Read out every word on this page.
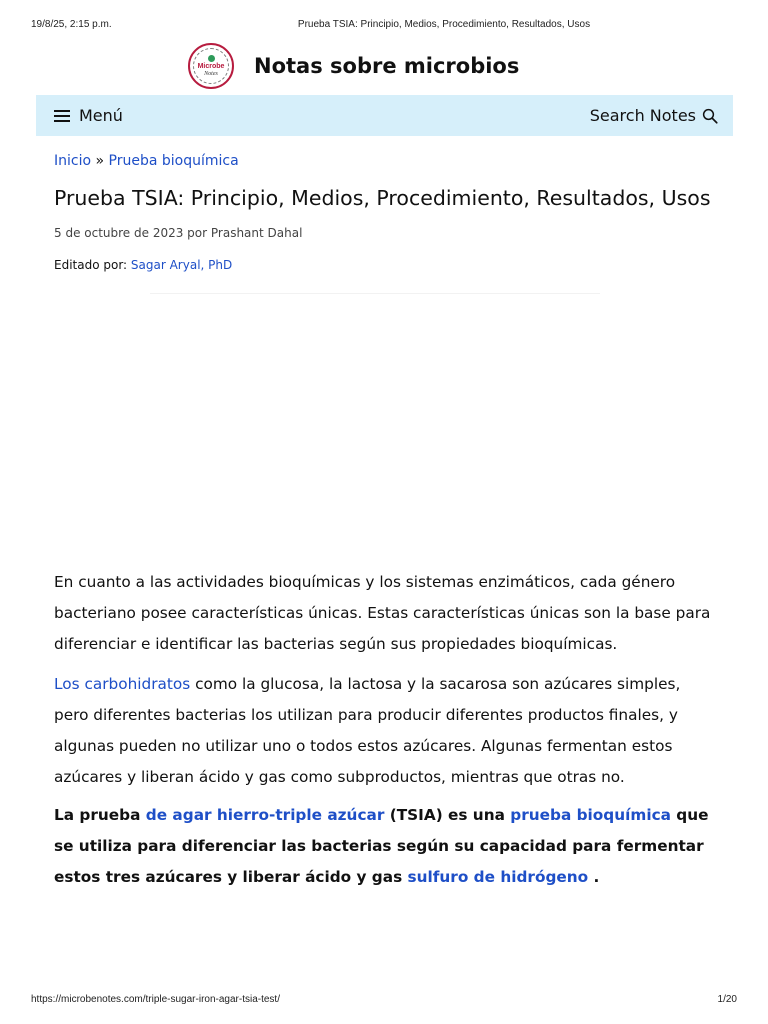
19/8/25, 2:15 p.m.	Prueba TSIA: Principio, Medios, Procedimiento, Resultados, Usos
Microbe
Notes Notas sobre microbios
Menú	Search Notes
Inicio » Prueba bioquímica
Prueba TSIA: Principio, Medios, Procedimiento, Resultados, Usos
5 de octubre de 2023 por Prashant Dahal
Editado por: Sagar Aryal, PhD

En cuanto a las actividades bioquímicas y los sistemas enzimáticos, cada género bacteriano posee características únicas. Estas características únicas son la base para diferenciar e identificar las bacterias según sus propiedades bioquímicas.

Los carbohidratos como la glucosa, la lactosa y la sacarosa son azúcares simples, pero diferentes bacterias los utilizan para producir diferentes productos finales, y algunas pueden no utilizar uno o todos estos azúcares. Algunas fermentan estos azúcares y liberan ácido y gas como subproductos, mientras que otras no.

La prueba de agar hierro-triple azúcar (TSIA) es una prueba bioquímica que se utiliza para diferenciar las bacterias según su capacidad para fermentar estos tres azúcares y liberar ácido y gas sulfuro de hidrógeno .

https://microbenotes.com/triple-sugar-iron-agar-tsia-test/	1/20
